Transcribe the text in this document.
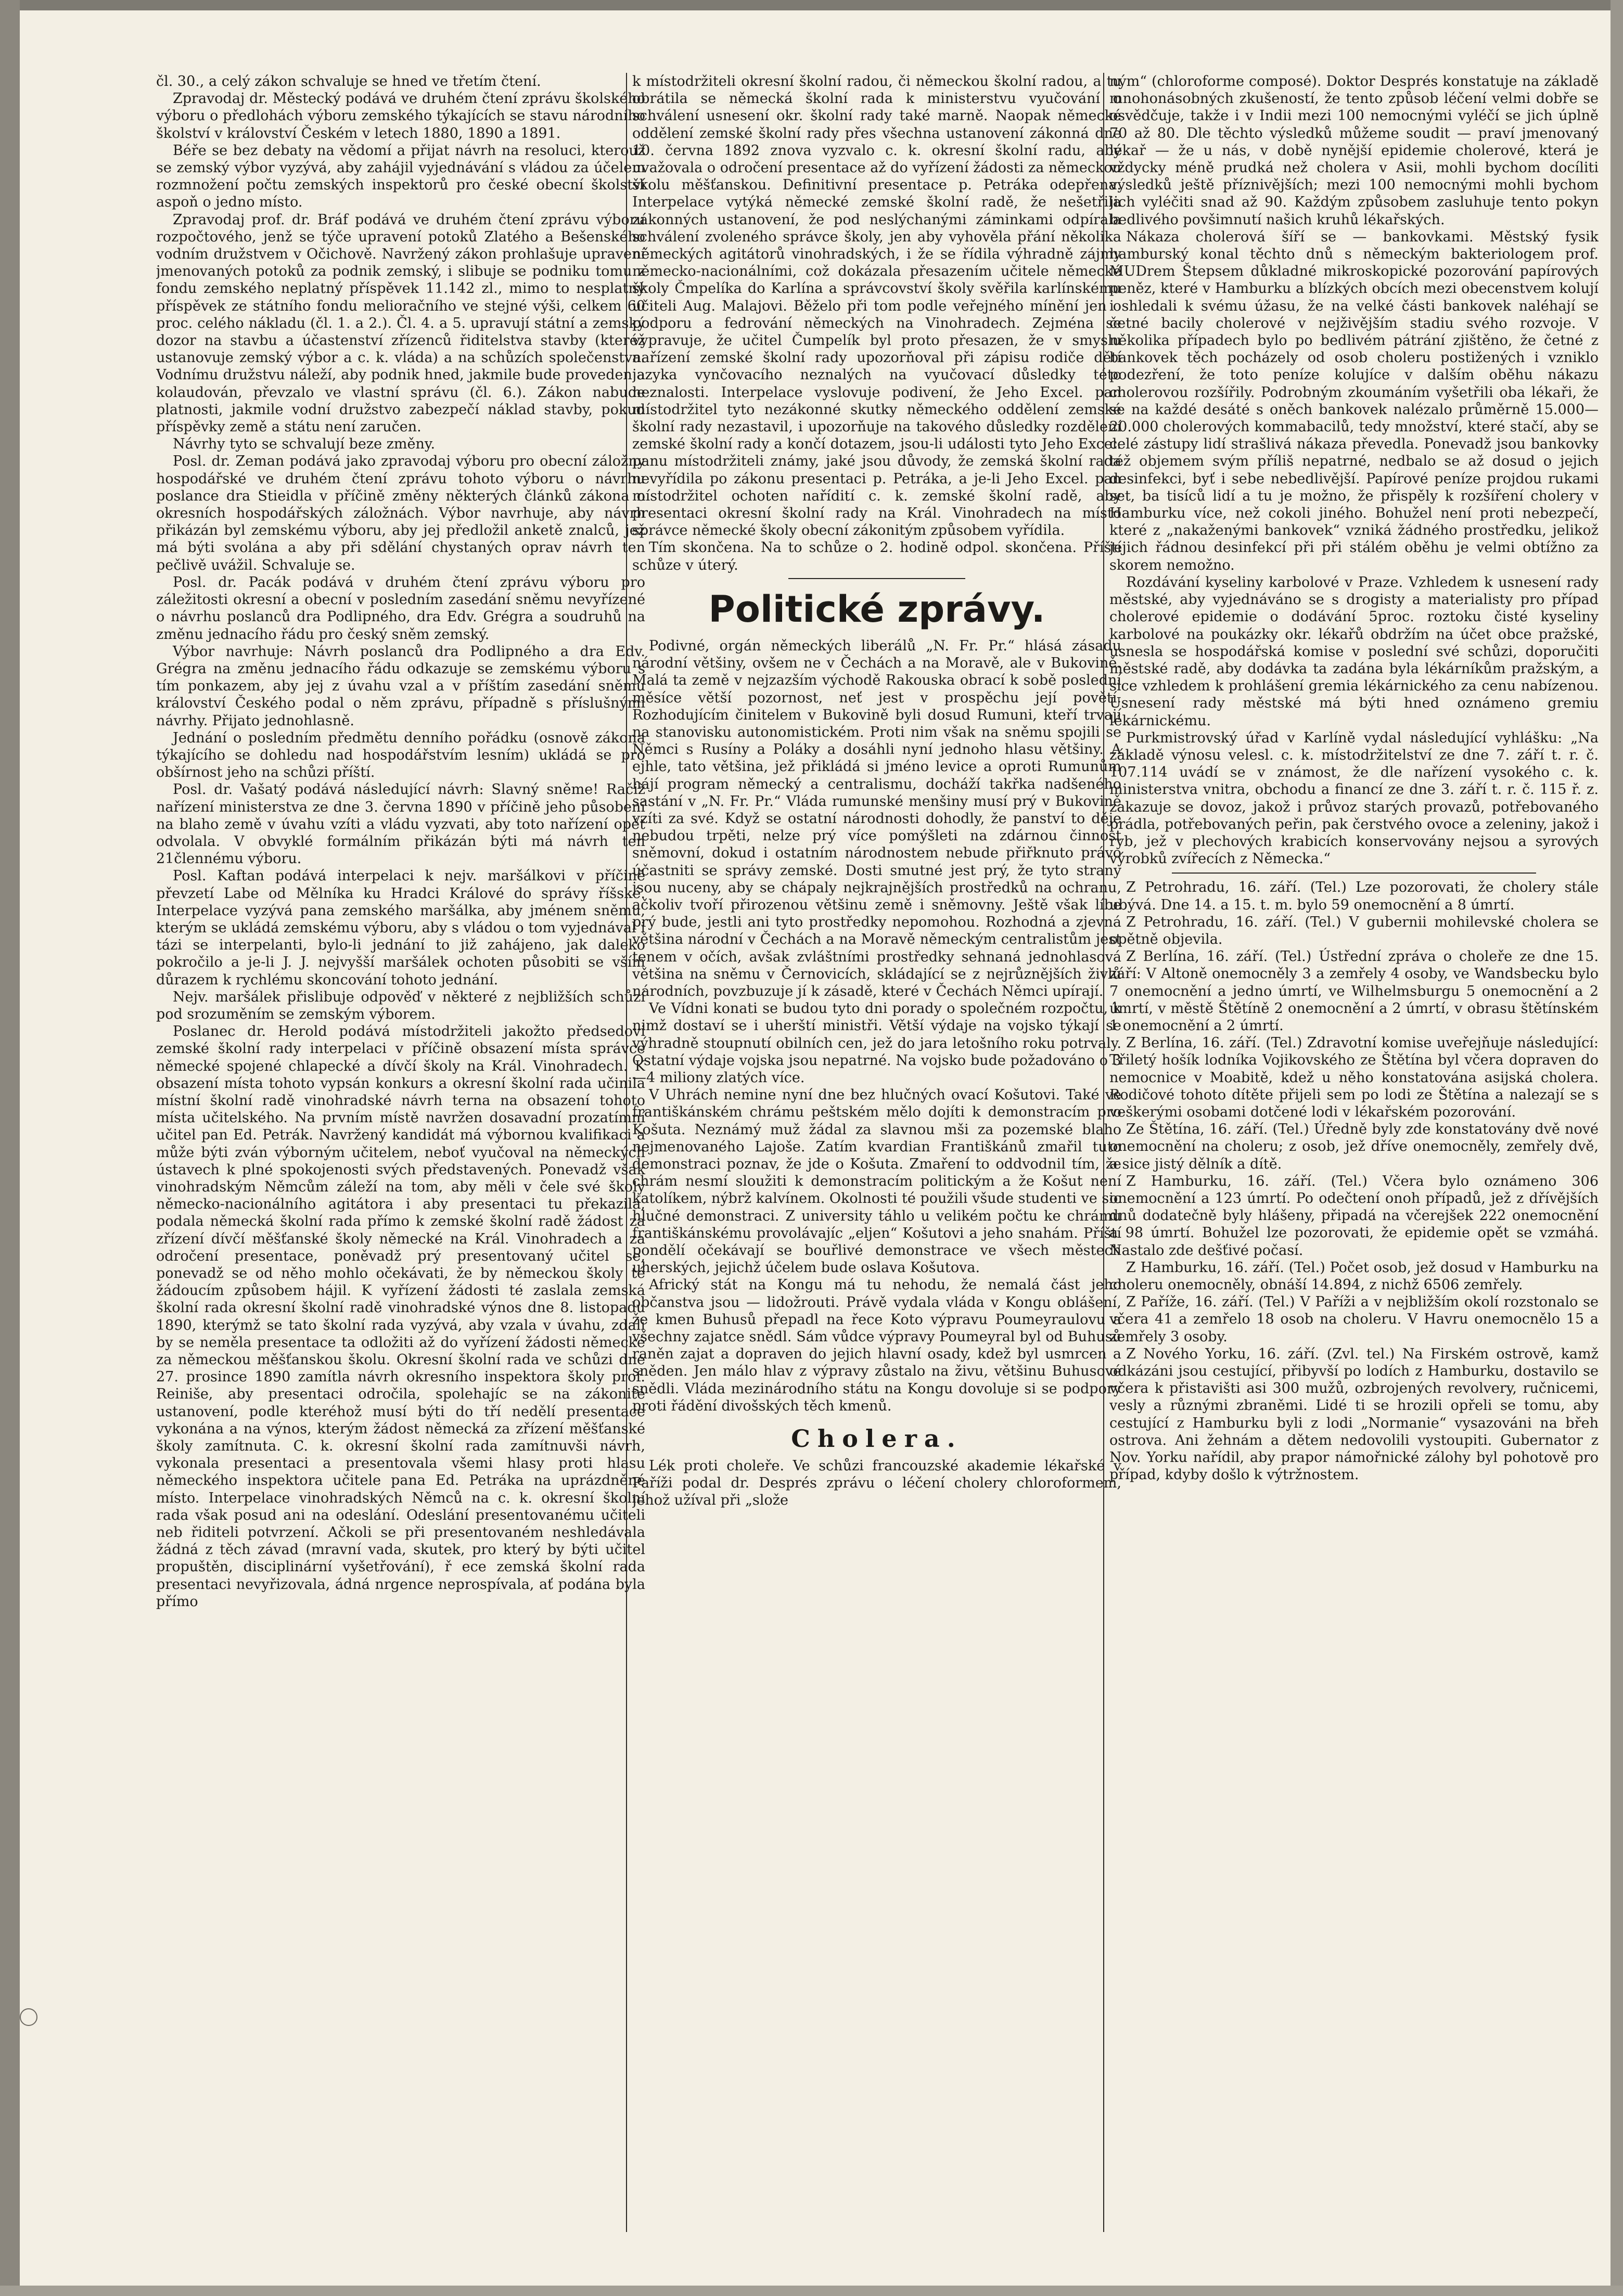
čl. 30., a celý zákon schvaluje se hned ve třetím čtení.

Zpravodaj dr. Městecký podává ve druhém čtení zprávu školského výboru o předlohách výboru zemského týkajících se stavu národního školství v království Českém v letech 1880, 1890 a 1891.

Béře se bez debaty na vědomí a přijat návrh na resoluci, kterouž se zemský výbor vyzývá, aby zahájil vyjednávání s vládou za účelem rozmnožení počtu zemských inspektorů pro české obecní školství aspoň o jedno místo.

Zpravodaj prof. dr. Bráf podává ve druhém čtení zprávu výboru rozpočtového, jenž se týče upravení potoků Zlatého a Bešenského vodním družstvem v Očichově. Navržený zákon prohlašuje upravení jmenovaných potoků za podnik zemský, i slibuje se podniku tomu z fondu zemského neplatný příspěvek 11.142 zl., mimo to nesplatný příspěvek ze státního fondu melioračního ve stejné výši, celkem 60 proc. celého nákladu (čl. 1. a 2.). Čl. 4. a 5. upravují státní a zemský dozor na stavbu a účastenství zřízenců řiditelstva stavby (kteréž ustanovuje zemský výbor a c. k. vláda) a na schůzích společenstva. Vodnímu družstvu náleží, aby podnik hned, jakmile bude proveden a kolaudován, převzalo ve vlastní správu (čl. 6.). Zákon nabude platnosti, jakmile vodní družstvo zabezpečí náklad stavby, pokud příspěvky země a státu není zaručen.

Návrhy tyto se schvalují beze změny.

Posl. dr. Zeman podává jako zpravodaj výboru pro obecní záložny hospodářské ve druhém čtení zprávu tohoto výboru o návrhu poslance dra Stieidla v příčině změny některých článků zákona o okresních hospodářských záložnách. Výbor navrhuje, aby návrh přikázán byl zemskému výboru, aby jej předložil anketě znalců, jež má býti svolána a aby při sdělání chystaných oprav návrh ten pečlivě uvážil. Schvaluje se.

Posl. dr. Pacák podává v druhém čtení zprávu výboru pro záležitosti okresní a obecní v posledním zasedání sněmu nevyřízené o návrhu poslanců dra Podlipného, dra Edv. Grégra a soudruhů na změnu jednacího řádu pro český sněm zemský.

Výbor navrhuje: Návrh poslanců dra Podlipného a dra Edv. Grégra na změnu jednacího řádu odkazuje se zemskému výboru s tím ponkazem, aby jej z úvahu vzal a v příštím zasedání sněmu království Českého podal o něm zprávu, případně s příslušnými návrhy. Přijato jednohlasně.

Jednání o posledním předmětu denního pořádku (osnově zákona týkajícího se dohledu nad hospodářstvím lesním) ukládá se pro obšírnost jeho na schůzi příští.

Posl. dr. Vašatý podává následující návrh: Slavný sněme! Račiž nařízení ministerstva ze dne 3. června 1890 v příčině jeho působení na blaho země v úvahu vzíti a vládu vyzvati, aby toto nařízení opět odvolala. V obvyklé formálním přikázán býti má návrh ten 21člennému výboru.

Posl. Kaftan podává interpelaci k nejv. maršálkovi v příčině převzetí Labe od Mělníka ku Hradci Králové do správy říšské. Interpelace vyzývá pana zemského maršálka, aby jménem sněmu, kterým se ukládá zemskému výboru, aby s vládou o tom vyjednával i tázi se interpelanti, bylo-li jednání to již zahájeno, jak daleko pokročilo a je-li J. J. nejvyšší maršálek ochoten působiti se vším důrazem k rychlému skoncování tohoto jednání.

Nejv. maršálek přislibuje odpověď v některé z nejbližších schůzí pod srozuměním se zemským výborem.

Poslanec dr. Herold podává místodržiteli jakožto předsedovi zemské školní rady interpelaci v příčině obsazení místa správce německé spojené chlapecké a dívčí školy na Král. Vinohradech. K obsazení místa tohoto vypsán konkurs a okresní školní rada učinila místní školní radě vinohradské návrh terna na obsazení tohoto místa učitelského. Na prvním místě navržen dosavadní prozatímní učitel pan Ed. Petrák. Navržený kandidát má výbornou kvalifikaci a může býti zván výborným učitelem, neboť vyučoval na německých ústavech k plné spokojenosti svých představených. Ponevadž však vinohradským Němcům záleží na tom, aby měli v čele své školy německo-nacionálního agitátora i aby presentaci tu překazila, podala německá školní rada přímo k zemské školní radě žádost za zřízení dívčí měšťanské školy německé na Král. Vinohradech a za odročení presentace, poněvadž prý presentovaný učitel se, ponevadž se od něho mohlo očekávati, že by německou školy té žádoucím způsobem hájil. K vyřízení žádosti té zaslala zemská školní rada okresní školní radě vinohradské výnos dne 8. listopadu 1890, kterýmž se tato školní rada vyzývá, aby vzala v úvahu, zdali by se neměla presentace ta odložiti až do vyřízení žádosti německé za německou měšťanskou školu. Okresní školní rada ve schůzi dne 27. prosince 1890 zamítla návrh okresního inspektora školy prof. Reiniše, aby presentaci odročila, spolehajíc se na zákonité ustanovení, podle kteréhož musí býti do tří nedělí presentace vykonána a na výnos, kterým žádost německá za zřízení měšťanské školy zamítnuta. C. k. okresní školní rada zamítnuvši návrh, vykonala presentaci a presentovala všemi hlasy proti hlasu německého inspektora učitele pana Ed. Petráka na uprázdněné místo. Interpelace vinohradských Němců na c. k. okresní školní rada však posud ani na odeslání. Odeslání presentovanému učiteli neb řiditeli potvrzení. Ačkoli se při presentovaném neshledávala žádná z těch závad (mravní vada, skutek, pro který by býti učitel propuštěn, disciplinární vyšetřování), ř ece zemská školní rada presentaci nevyřizovala, ádná nrgence neprospívala, ať podána byla přímo

k místodržiteli okresní školní radou, či německou školní radou, a tu obrátila se německá školní rada k ministerstvu vyučování o schválení usnesení okr. školní rady také marně. Naopak německé oddělení zemské školní rady přes všechna ustanovení zákonná dne 10. června 1892 znova vyzvalo c. k. okresní školní radu, aby uvažovala o odročení presentace až do vyřízení žádosti za německou školu měšťanskou. Definitivní presentace p. Petráka odepřena. Interpelace vytýká německé zemské školní radě, že nešetřila zákonných ustanovení, že pod neslýchanými záminkami odpírala schválení zvoleného správce školy, jen aby vyhověla přání několika německých agitátorů vinohradských, i že se řídila výhradně zájmy německo-nacionálními, což dokázala přesazením učitele německé školy Čmpelíka do Karlína a správcovství školy svěřila karlínskému učiteli Aug. Malajovi. Běželo při tom podle veřejného mínění jen o podporu a fedrování německých na Vinohradech. Zejména se vypravuje, že učitel Čumpelík byl proto přesazen, že v smyslu nařízení zemské školní rady upozorňoval při zápisu rodiče dětí jazyka vynčovacího neznalých na vyučovací důsledky této neznalosti. Interpelace vyslovuje podivení, že Jeho Excel. pan místodržitel tyto nezákonné skutky německého oddělení zemské školní rady nezastavil, i upozorňuje na takového důsledky rozdělení zemské školní rady a končí dotazem, jsou-li události tyto Jeho Excel. panu místodržiteli známy, jaké jsou důvody, že zemská školní rada nevyřídila po zákonu presentaci p. Petráka, a je-li Jeho Excel. pan místodržitel ochoten nařídití c. k. zemské školní radě, aby presentaci okresní školní rady na Král. Vinohradech na místo správce německé školy obecní zákonitým způsobem vyřídila.

Tím skončena. Na to schůze o 2. hodině odpol. skončena. Příští schůze v úterý.

Politické zprávy.

Podivné, orgán německých liberálů „N. Fr. Pr.“ hlásá zásadu národní většiny, ovšem ne v Čechách a na Moravě, ale v Bukovině. Malá ta země v nejzazším východě Rakouska obrací k sobě poslední měsíce větší pozornost, neť jest v prospěchu její povětí. Rozhodujícím činitelem v Bukovině byli dosud Rumuni, kteří trvají na stanovisku autonomistickém. Proti nim však na sněmu spojili se Němci s Rusíny a Poláky a dosáhli nyní jednoho hlasu většiny. A ejhle, tato většina, jež přikládá si jméno levice a oproti Rumunům hájí program německý a centralismu, docháží takřka nadšeného sastání v „N. Fr. Pr.“ Vláda rumunské menšiny musí prý v Bukovině vzíti za své. Když se ostatní národnosti dohodly, že panství to děje nebudou trpěti, nelze prý více pomýšleti na zdárnou činnost sněmovní, dokud i ostatním národnostem nebude přiřknuto právo účastniti se správy zemské. Dosti smutné jest prý, že tyto strany jsou nuceny, aby se chápaly nejkrajnějších prostředků na ochranu, ačkoliv tvoří přirozenou většinu země i sněmovny. Ještě však líbe prý bude, jestli ani tyto prostředky nepomohou. Rozhodná a zjevná většina národní v Čechách a na Moravě německým centralistům jest tenem v očích, avšak zvláštními prostředky sehnaná jednohlasová většina na sněmu v Černovicích, skládající se z nejrůznějších živlů národních, povzbuzuje jí k zásadě, které v Čechách Němci upírají.

Ve Vídni konati se budou tyto dni porady o společném rozpočtu, k nimž dostaví se i uherští ministři. Větší výdaje na vojsko týkají se výhradně stoupnutí obilních cen, jež do jara letošního roku potrvaly. Ostatní výdaje vojska jsou nepatrné. Na vojsko bude požadováno o 3—4 miliony zlatých více.

V Uhrách nemine nyní dne bez hlučných ovací Košutovi. Také ve františkánském chrámu peštském mělo dojíti k demonstracím pro Košuta. Neznámý muž žádal za slavnou mši za pozemské blaho nejmenovaného Lajoše. Zatím kvardian Františkánů zmařil tuto demonstraci poznav, že jde o Košuta. Zmaření to oddvodnil tím, že chrám nesmí sloužiti k demonstracím politickým a že Košut není katolíkem, nýbrž kalvínem. Okolnosti té použili všude studenti ve sic hlučné demonstraci. Z university táhlo u velikém počtu ke chrámu františkánskému provolávajíc „eljen“ Košutovi a jeho snahám. Příští pondělí očekávají se bouřlivé demonstrace ve všech městech uherských, jejichž účelem bude oslava Košutova.

Africký stát na Kongu má tu nehodu, že nemalá část jeho občanstva jsou — lidožrouti. Právě vydala vláda v Kongu oblášení, že kmen Buhusů přepadl na řece Koto výpravu Poumeyraulovu a všechny zajatce snědl. Sám vůdce výpravy Poumeyral byl od Buhusů raněn zajat a dopraven do jejich hlavní osady, kdež byl usmrcen a sněden. Jen málo hlav z výpravy zůstalo na živu, většinu Buhusové snědli. Vláda mezinárodního státu na Kongu dovoluje si se podpory proti řádění divošských těch kmenů.

Cholera.

Lék proti choleře. Ve schůzi francouzské akademie lékařské v Paříži podal dr. Després zprávu o léčení cholery chloroformem, jehož užíval při „slože

ným“ (chloroforme composé). Doktor Després konstatuje na základě mnohonásobných zkušeností, že tento způsob léčení velmi dobře se osvědčuje, takže i v Indii mezi 100 nemocnými vyléčí se jich úplně 70 až 80. Dle těchto výsledků můžeme soudit — praví jmenovaný lékař — že u nás, v době nynější epidemie cholerové, která je vždycky méně prudká než cholera v Asii, mohli bychom docíliti výsledků ještě příznivějších; mezi 100 nemocnými mohli bychom jich vyléčiti snad až 90. Každým způsobem zasluhuje tento pokyn bedlivého povšimnutí našich kruhů lékařských.

Nákaza cholerová šíří se — bankovkami. Městský fysik hamburský konal těchto dnů s německým bakteriologem prof. MUDrem Štepsem důkladné mikroskopické pozorování papírových peněz, které v Hamburku a blízkých obcích mezi obecenstvem kolují i shledali k svému úžasu, že na velké části bankovek naléhají se četné bacily cholerové v nejživějším stadiu svého rozvoje. V několika případech bylo po bedlivém pátrání zjištěno, že četné z bankovek těch pocházely od osob choleru postižených i vzniklo podezření, že toto peníze kolujíce v dalším oběhu nákazu cholerovou rozšířily. Podrobným zkoumáním vyšetřili oba lékaři, že se na každé desáté s oněch bankovek nalézalo průměrně 15.000—20.000 cholerových kommabacilů, tedy množství, které stačí, aby se celé zástupy lidí strašlivá nákaza převedla. Ponevadž jsou bankovky též objemem svým příliš nepatrné, nedbalo se až dosud o jejich desinfekci, byť i sebe nebedlivější. Papírové peníze projdou rukami set, ba tisíců lidí a tu je možno, že přispěly k rozšíření cholery v Hamburku více, než cokoli jiného. Bohužel není proti nebezpečí, které z „nakaženými bankovek“ vzniká žádného prostředku, jelikož jejich řádnou desinfekcí při při stálém oběhu je velmi obtížno za skorem nemožno.

Rozdávání kyseliny karbolové v Praze. Vzhledem k usnesení rady městské, aby vyjednáváno se s drogisty a materialisty pro případ cholerové epidemie o dodávání 5proc. roztoku čisté kyseliny karbolové na poukázky okr. lékařů obdržím na účet obce pražské, usnesla se hospodářská komise v poslední své schůzi, doporučiti městské radě, aby dodávka ta zadána byla lékárníkům pražským, a sice vzhledem k prohlášení gremia lékárnického za cenu nabízenou. Usnesení rady městské má býti hned oznámeno gremiu lékárnickému.

Purkmistrovský úřad v Karlíně vydal následující vyhlášku: „Na základě výnosu velesl. c. k. místodržitelství ze dne 7. září t. r. č. 107.114 uvádí se v známost, že dle nařízení vysokého c. k. ministerstva vnitra, obchodu a financí ze dne 3. září t. r. č. 115 ř. z. zakazuje se dovoz, jakož i průvoz starých provazů, potřebovaného prádla, potřebovaných peřin, pak čerstvého ovoce a zeleniny, jakož i ryb, jež v plechových krabicích konservovány nejsou a syrových výrobků zvířecích z Německa.“

Z Petrohradu, 16. září. (Tel.) Lze pozorovati, že cholery stále ubývá. Dne 14. a 15. t. m. bylo 59 onemocnění a 8 úmrtí.

Z Petrohradu, 16. září. (Tel.) V gubernii mohilevské cholera se opětně objevila.

Z Berlína, 16. září. (Tel.) Ústřední zpráva o choleře ze dne 15. září: V Altoně onemocněly 3 a zemřely 4 osoby, ve Wandsbecku bylo 7 onemocnění a jedno úmrtí, ve Wilhelmsburgu 5 onemocnění a 2 úmrtí, v městě Štětíně 2 onemocnění a 2 úmrtí, v obrasu štětínském 1 onemocnění a 2 úmrtí.

Z Berlína, 16. září. (Tel.) Zdravotní komise uveřejňuje následující: Třiletý hošík lodníka Vojikovského ze Štětína byl včera dopraven do nemocnice v Moabitě, kdež u něho konstatována asijská cholera. Rodičové tohoto dítěte přijeli sem po lodi ze Štětína a nalezají se s veškerými osobami dotčené lodi v lékařském pozorování.

Ze Štětína, 16. září. (Tel.) Úředně byly zde konstatovány dvě nové onemocnění na choleru; z osob, jež dříve onemocněly, zemřely dvě, a sice jistý dělník a dítě.

Z Hamburku, 16. září. (Tel.) Včera bylo oznámeno 306 onemocnění a 123 úmrtí. Po odečtení onoh případů, jež z dřívějších dnů dodatečně byly hlášeny, připadá na včerejšek 222 onemocnění a 98 úmrtí. Bohužel lze pozorovati, že epidemie opět se vzmáhá. Nastalo zde dešťivé počasí.

Z Hamburku, 16. září. (Tel.) Počet osob, jež dosud v Hamburku na choleru onemocněly, obnáší 14.894, z nichž 6506 zemřely.

Z Paříže, 16. září. (Tel.) V Paříži a v nejbližším okolí rozstonalo se včera 41 a zemřelo 18 osob na choleru. V Havru onemocnělo 15 a zemřely 3 osoby.

Z Nového Yorku, 16. září. (Zvl. tel.) Na Firském ostrově, kamž odkázáni jsou cestující, přibyvší po lodích z Hamburku, dostavilo se včera k přistavišti asi 300 mužů, ozbrojených revolvery, ručnicemi, vesly a různými zbraněmi. Lidé ti se hrozili opřeli se tomu, aby cestující z Hamburku byli z lodi „Normanie“ vysazováni na břeh ostrova. Ani žehnám a dětem nedovolili vystoupiti. Gubernator z Nov. Yorku nařídil, aby prapor námořnické zálohy byl pohotově pro případ, kdyby došlo k výtržnostem.
